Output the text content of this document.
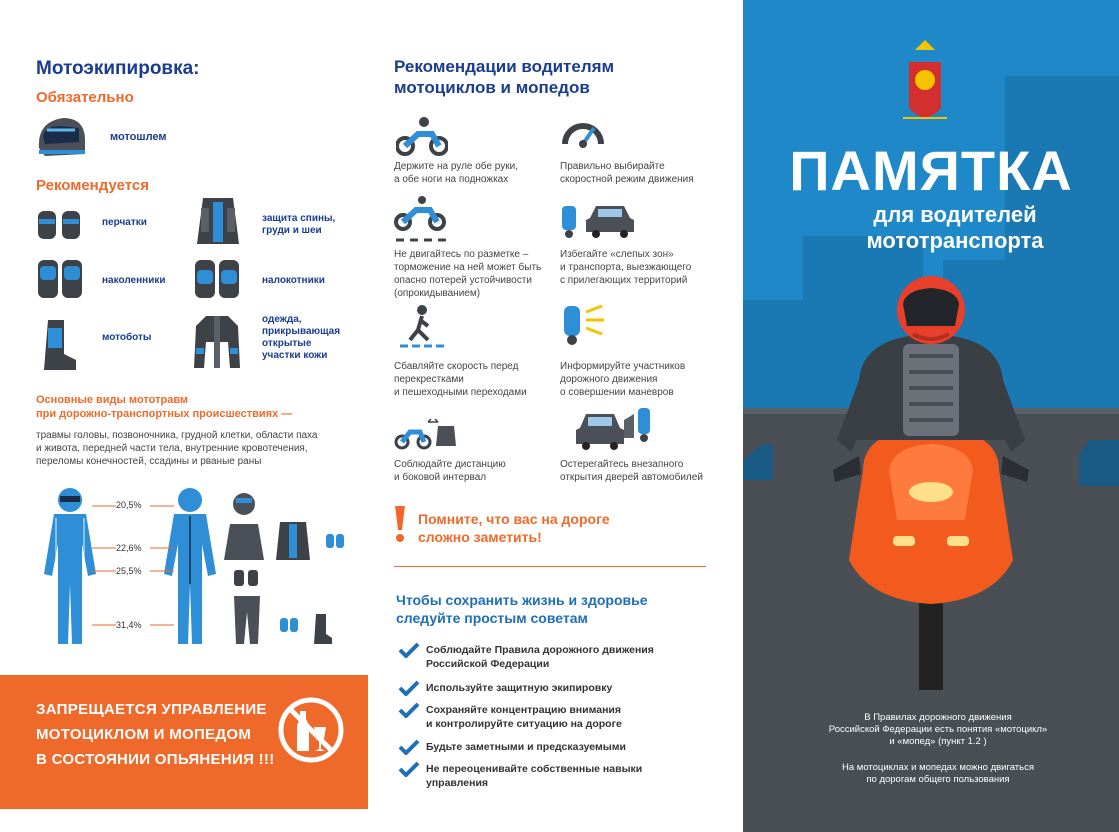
Мотоэкипировка:
Обязательно
мотошлем
Рекомендуется
перчатки	защита спины, груди и шеи
наколенники	налокотники
мотоботы
одежда, прикрывающая открытые участки кожи
Основные виды мототравм
при дорожно-транспортных происшествиях —
травмы головы, позвоночника, грудной клетки, области паха
и живота, передней части тела, внутренние кровотечения,
переломы конечностей, ссадины и рваные раны
20,5%
22,6%
25,5%
31,4%
ЗАПРЕЩАЕТСЯ УПРАВЛЕНИЕ
МОТОЦИКЛОМ И МОПЕДОМ
В СОСТОЯНИИ ОПЬЯНЕНИЯ !!!
Рекомендации водителям
мотоциклов и мопедов
Держите на руле обе руки,
а обе ноги на подножках
Правильно выбирайте
скоростной режим движения
Не двигайтесь по разметке –
торможение на ней может быть
опасно потерей устойчивости
(опрокидыванием)
Избегайте «слепых зон»
и транспорта, выезжающего
с прилегающих территорий
Сбавляйте скорость перед
перекрестками
и пешеходными переходами
Информируйте участников
дорожного движения
о совершении маневров
Соблюдайте дистанцию
и боковой интервал
Остерегайтесь внезапного
открытия дверей автомобилей
Помните, что вас на дороге
сложно заметить!
Чтобы сохранить жизнь и здоровье
следуйте простым советам
Соблюдайте Правила дорожного движения
Российской Федерации
Используйте защитную экипировку
Сохраняйте концентрацию внимания
и контролируйте ситуацию на дороге
Будьте заметными и предсказуемыми
Не переоценивайте собственные навыки
управления
ПАМЯТКА
для водителей
мототранспорта
В Правилах дорожного движения
Российской Федерации есть понятия «мотоцикл»
и «мопед» (пункт 1.2 )
На мотоциклах и мопедах можно двигаться
по дорогам общего пользования
